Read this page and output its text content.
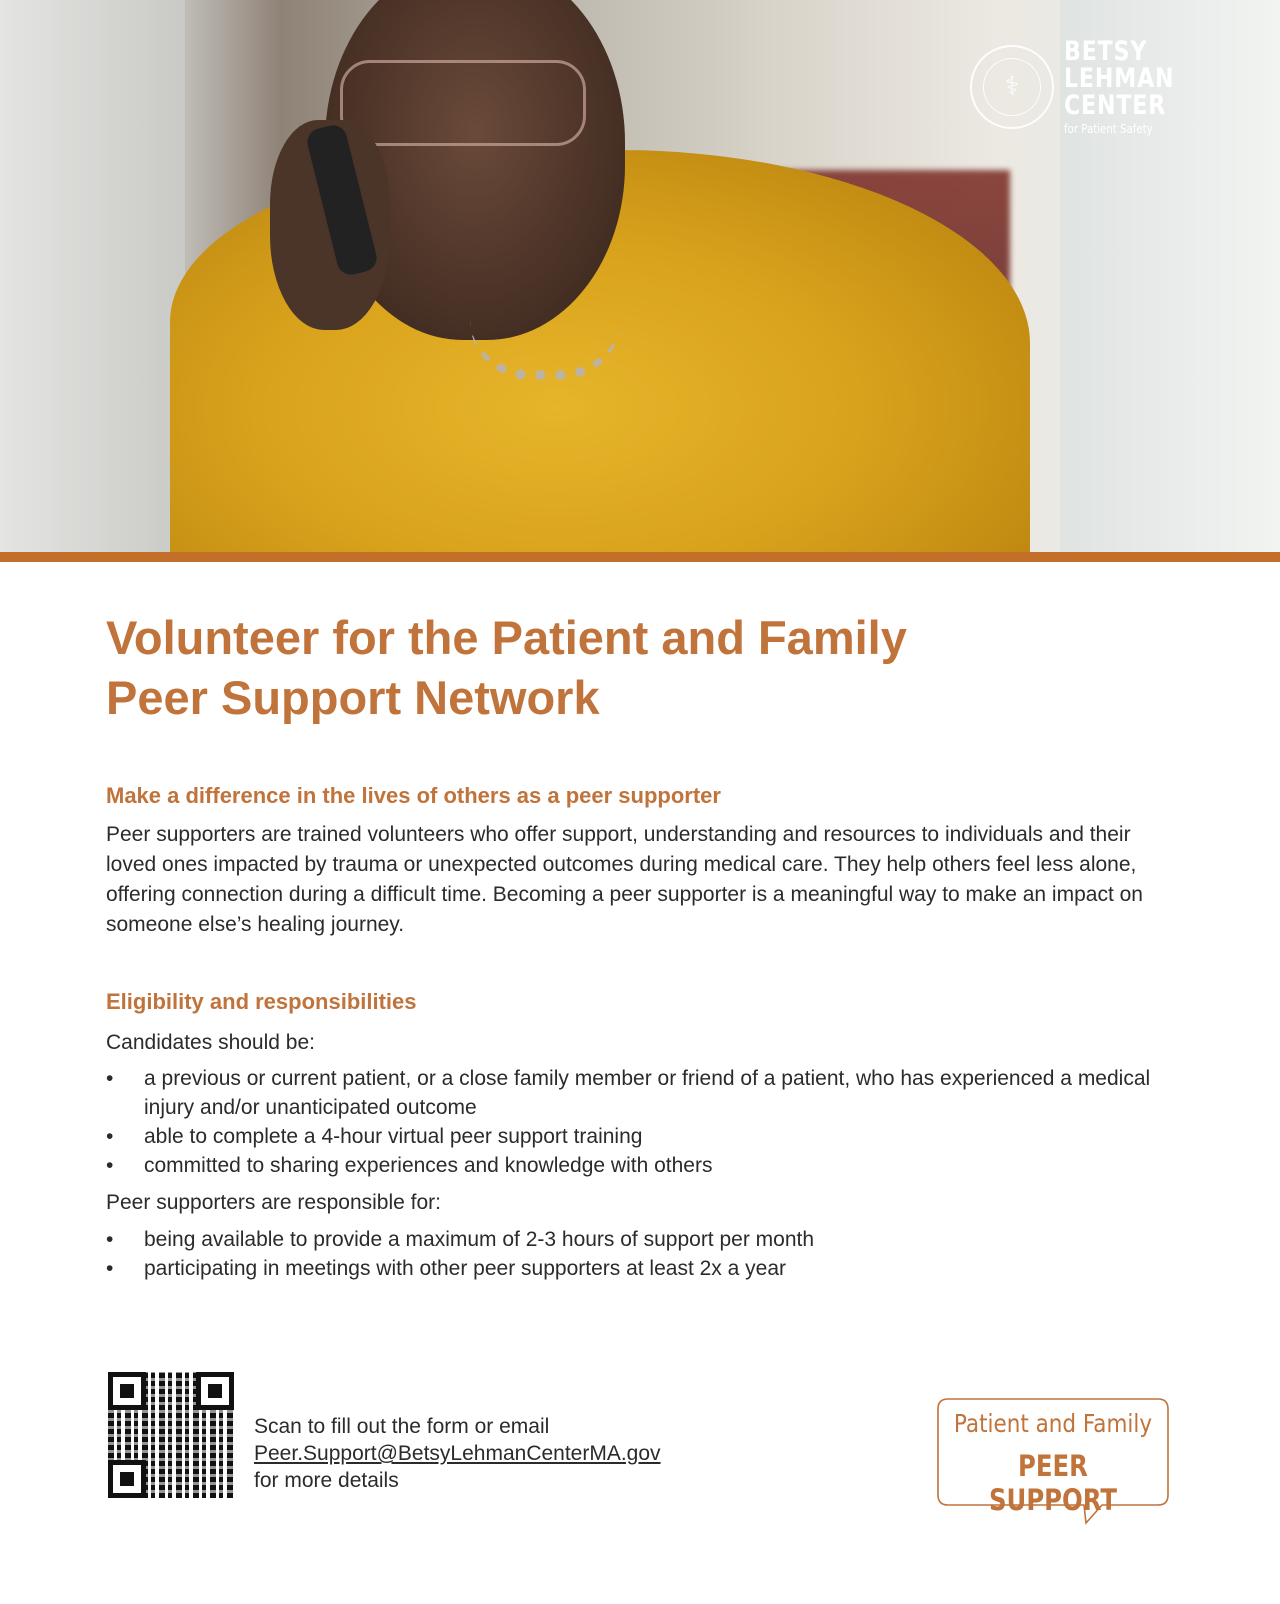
⚕
BETSY
LEHMAN
CENTER
for Patient Safety
Volunteer for the Patient and Family Peer Support Network
Make a difference in the lives of others as a peer supporter

Peer supporters are trained volunteers who offer support, understanding and resources to individuals and their loved ones impacted by trauma or unexpected outcomes during medical care. They help others feel less alone, offering connection during a difficult time. Becoming a peer supporter is a meaningful way to make an impact on someone else’s healing journey.

Eligibility and responsibilities

Candidates should be:

• a previous or current patient, or a close family member or friend of a patient, who has experienced a medical injury and/or unanticipated outcome
• able to complete a 4-hour virtual peer support training
• committed to sharing experiences and knowledge with others

Peer supporters are responsible for:

• being available to provide a maximum of 2-3 hours of support per month
• participating in meetings with other peer supporters at least 2x a year
Scan to fill out the form or email
Peer.Support@BetsyLehmanCenterMA.gov
for more details
Patient and Family
PEER SUPPORT
